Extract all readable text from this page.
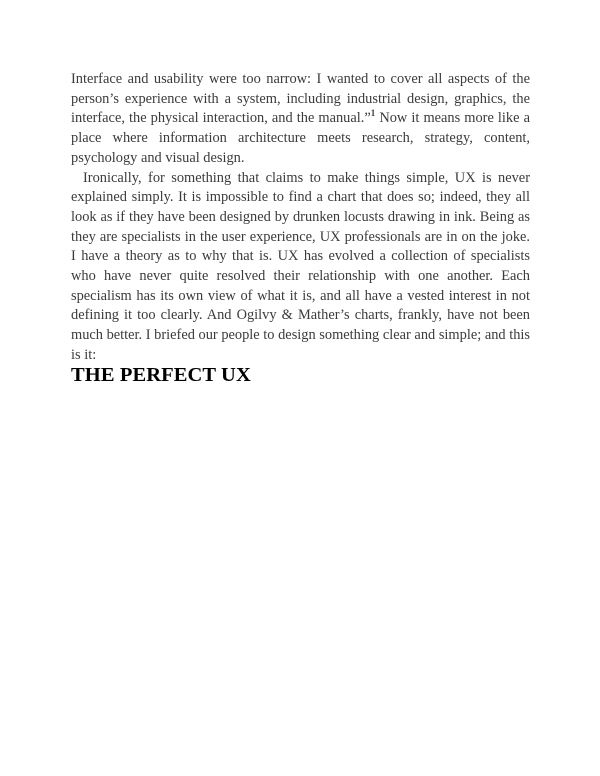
Interface and usability were too narrow: I wanted to cover all aspects of the person’s experience with a system, including industrial design, graphics, the interface, the physical interaction, and the manual.”$^1$ Now it means more like a place where information architecture meets research, strategy, content, psychology and visual design.

Ironically, for something that claims to make things simple, UX is never explained simply. It is impossible to find a chart that does so; indeed, they all look as if they have been designed by drunken locusts drawing in ink. Being as they are specialists in the user experience, UX professionals are in on the joke. I have a theory as to why that is. UX has evolved a collection of specialists who have never quite resolved their relationship with one another. Each specialism has its own view of what it is, and all have a vested interest in not defining it too clearly. And Ogilvy & Mather’s charts, frankly, have not been much better. I briefed our people to design something clear and simple; and this is it:

THE PERFECT UX
